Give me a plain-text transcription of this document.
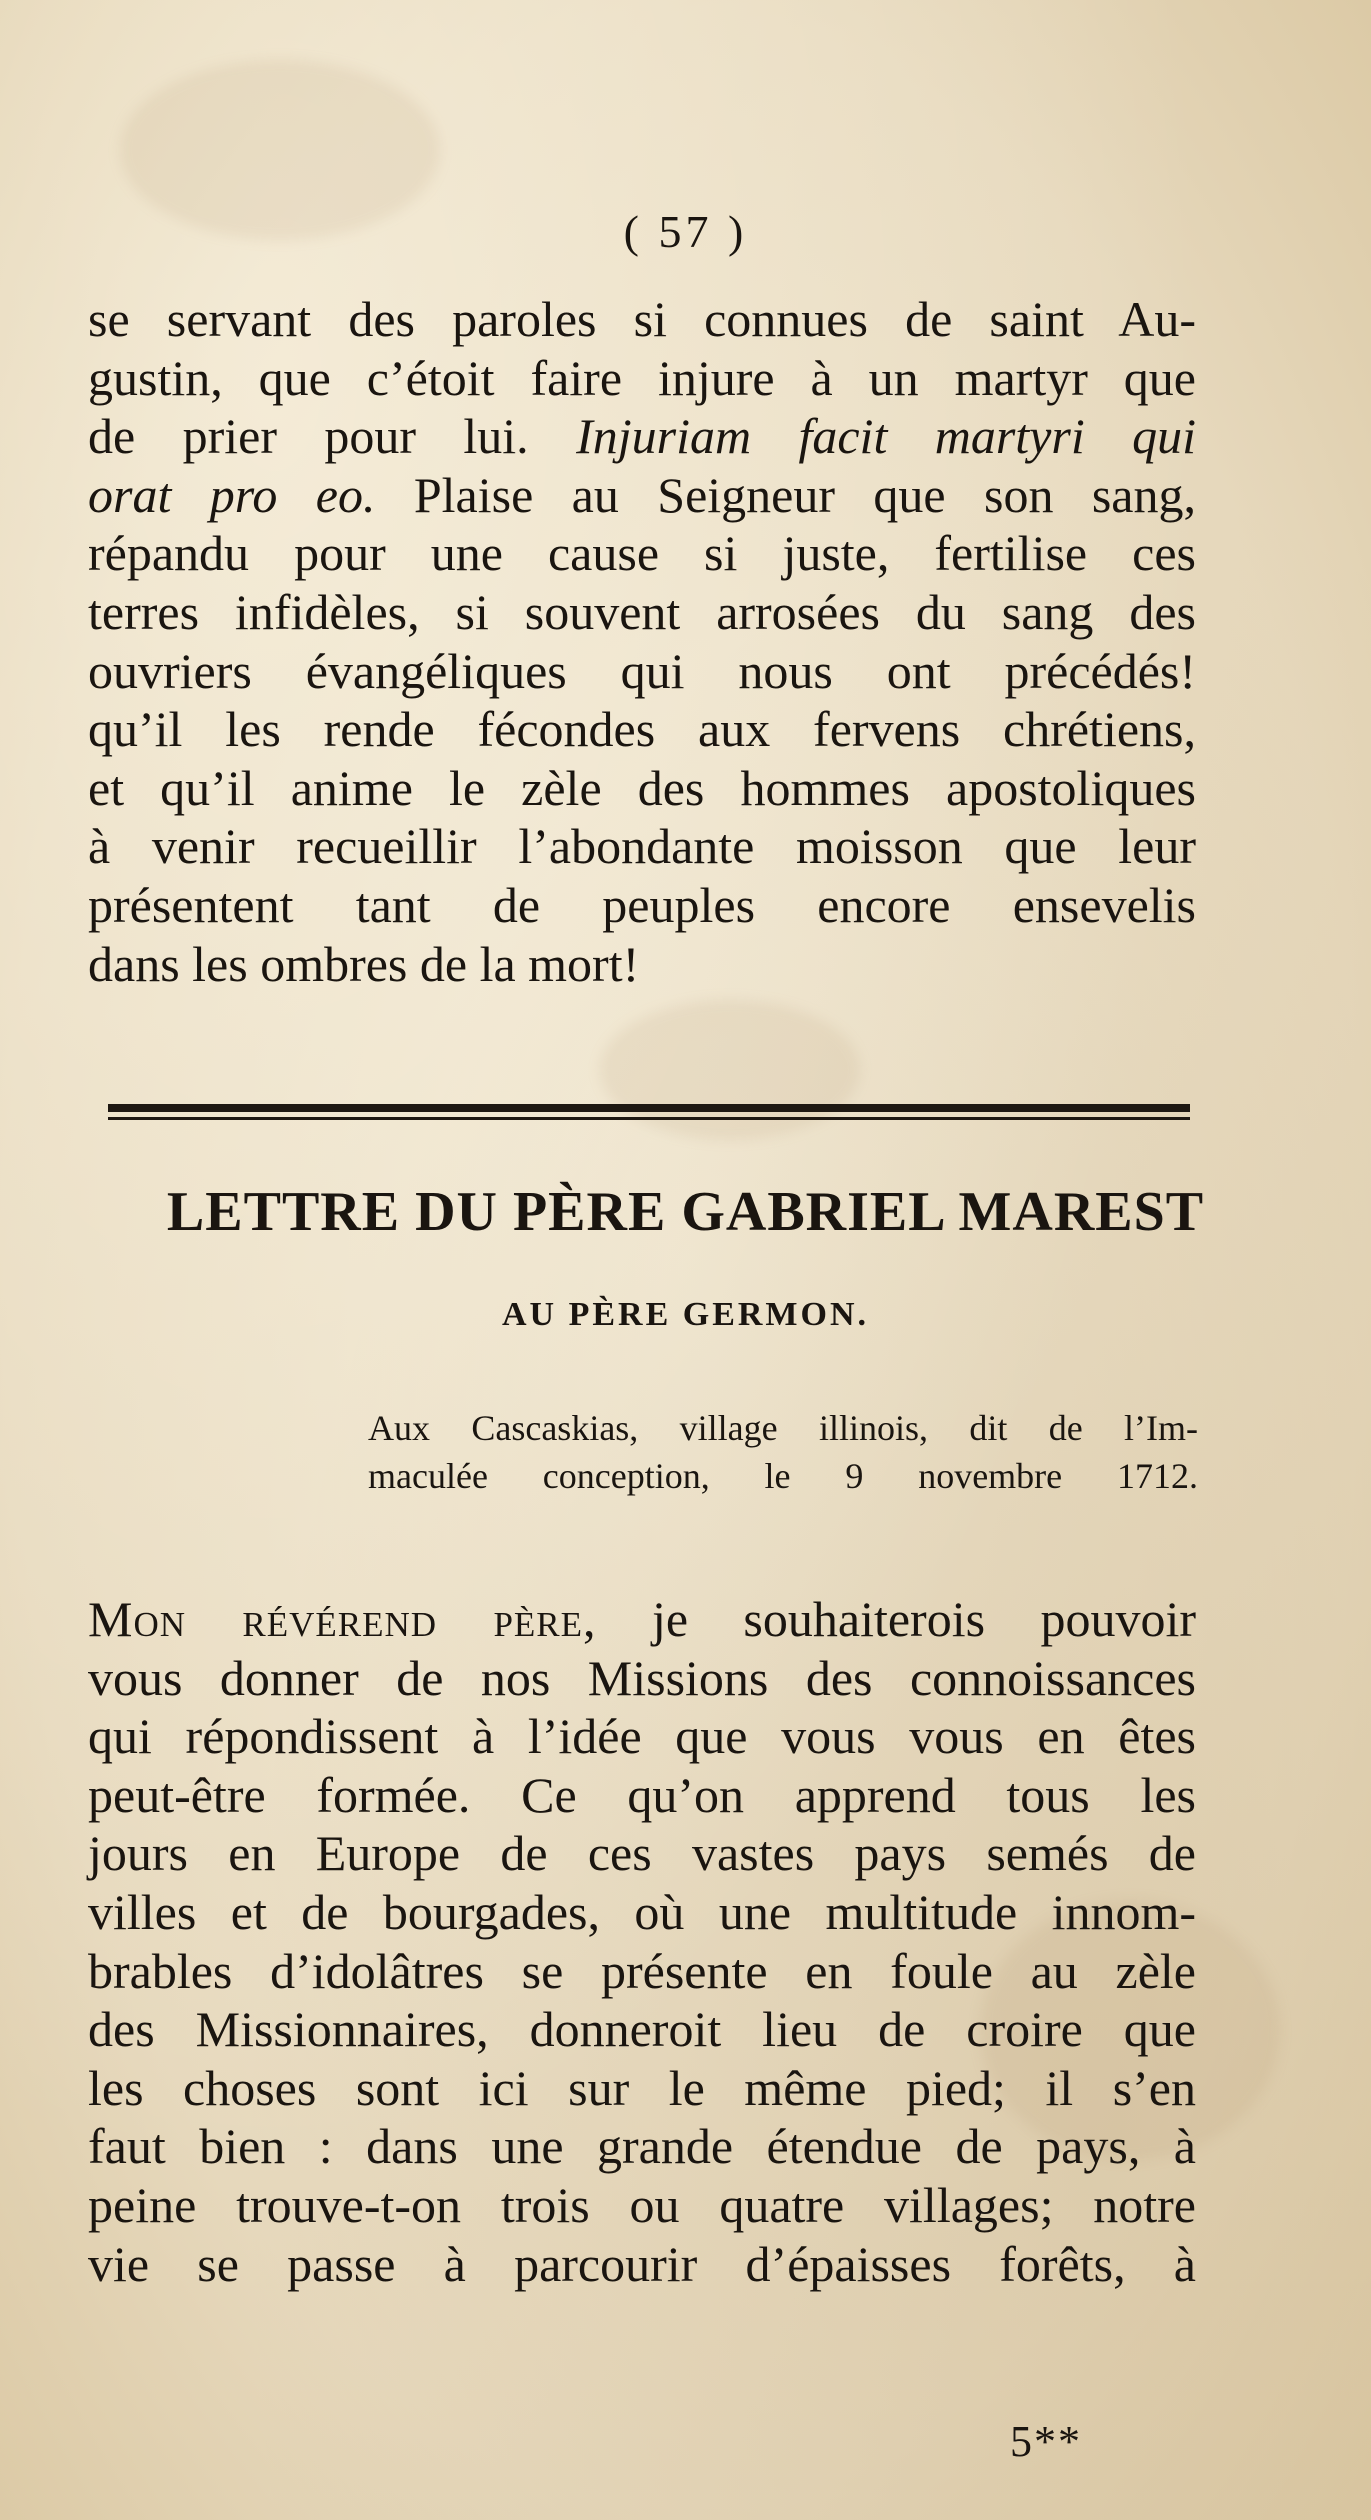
( 57 )
se servant des paroles si connues de saint Au-
gustin, que c’étoit faire injure à un martyr que
de prier pour lui. Injuriam facit martyri qui
orat pro eo. Plaise au Seigneur que son sang,
répandu pour une cause si juste, fertilise ces
terres infidèles, si souvent arrosées du sang des
ouvriers évangéliques qui nous ont précédés!
qu’il les rende fécondes aux fervens chrétiens,
et qu’il anime le zèle des hommes apostoliques
à venir recueillir l’abondante moisson que leur
présentent tant de peuples encore ensevelis
dans les ombres de la mort!
LETTRE DU PÈRE GABRIEL MAREST
AU PÈRE GERMON.
Aux Cascaskias, village illinois, dit de l’Im-
maculée conception, le 9 novembre 1712.
Mon révérend père, je souhaiterois pouvoir
vous donner de nos Missions des connoissances
qui répondissent à l’idée que vous vous en êtes
peut-être formée. Ce qu’on apprend tous les
jours en Europe de ces vastes pays semés de
villes et de bourgades, où une multitude innom-
brables d’idolâtres se présente en foule au zèle
des Missionnaires, donneroit lieu de croire que
les choses sont ici sur le même pied; il s’en
faut bien : dans une grande étendue de pays, à
peine trouve-t-on trois ou quatre villages; notre
vie se passe à parcourir d’épaisses forêts, à
5**
